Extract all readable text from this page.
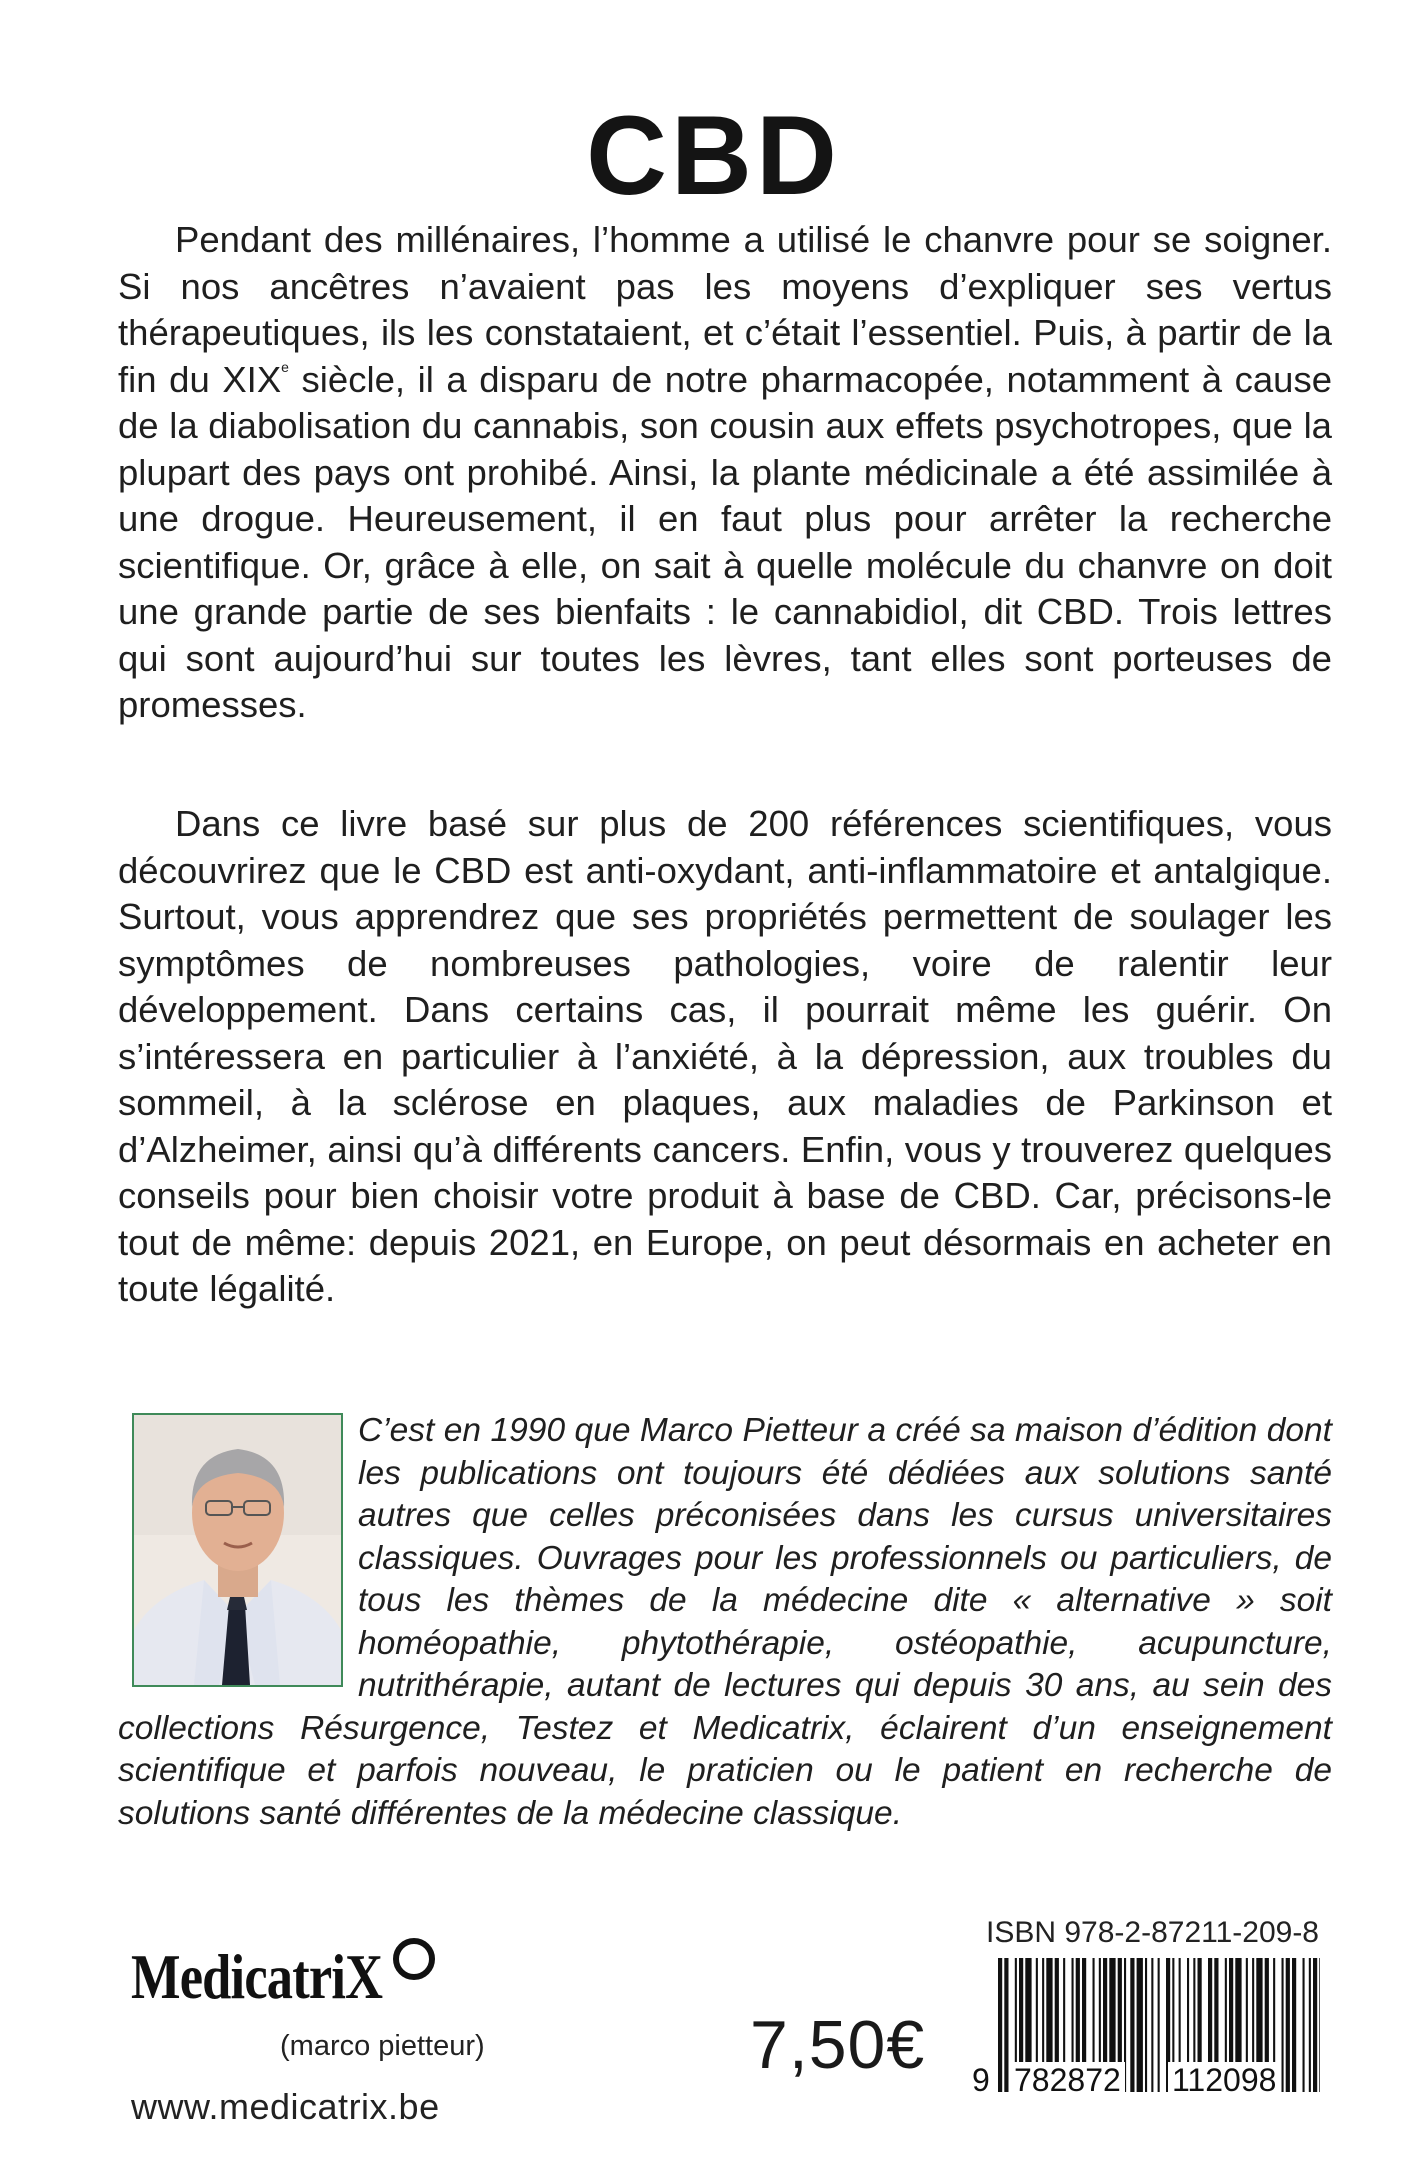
CBD

Pendant des millénaires, l’homme a utilisé le chanvre pour se soigner. Si nos ancêtres n’avaient pas les moyens d’expliquer ses vertus thérapeutiques, ils les constataient, et c’était l’essentiel. Puis, à partir de la fin du XIXe siècle, il a disparu de notre pharmacopée, notamment à cause de la diabolisation du cannabis, son cousin aux effets psychotropes, que la plupart des pays ont prohibé. Ainsi, la plante médicinale a été assimilée à une drogue. Heureusement, il en faut plus pour arrêter la recherche scientifique. Or, grâce à elle, on sait à quelle molécule du chanvre on doit une grande partie de ses bienfaits : le cannabidiol, dit CBD. Trois lettres qui sont aujourd’hui sur toutes les lèvres, tant elles sont porteuses de promesses.

Dans ce livre basé sur plus de 200 références scientifiques, vous découvrirez que le CBD est anti-oxydant, anti-inflammatoire et antalgique. Surtout, vous apprendrez que ses propriétés permettent de soulager les symptômes de nombreuses pathologies, voire de ralentir leur développement. Dans certains cas, il pourrait même les guérir. On s’intéressera en particulier à l’anxiété, à la dépression, aux troubles du sommeil, à la sclérose en plaques, aux maladies de Parkinson et d’Alzheimer, ainsi qu’à différents cancers. Enfin, vous y trouverez quelques conseils pour bien choisir votre produit à base de CBD. Car, précisons-le tout de même: depuis 2021, en Europe, on peut désormais en acheter en toute légalité.

C’est en 1990 que Marco Pietteur a créé sa maison d’édition dont les publications ont toujours été dédiées aux solutions santé autres que celles préconisées dans les cursus universitaires classiques. Ouvrages pour les professionnels ou particuliers, de tous les thèmes de la médecine dite « alternative » soit homéopathie, phytothérapie, ostéopathie, acupuncture, nutrithérapie, autant de lectures qui depuis 30 ans, au sein des collections Résurgence, Testez et Medicatrix, éclairent d’un enseignement scientifique et parfois nouveau, le praticien ou le patient en recherche de solutions santé différentes de la médecine classique.

MedicatriX
(marco pietteur)
www.medicatrix.be
7,50€
ISBN 978-2-87211-209-8
9 782872 112098
